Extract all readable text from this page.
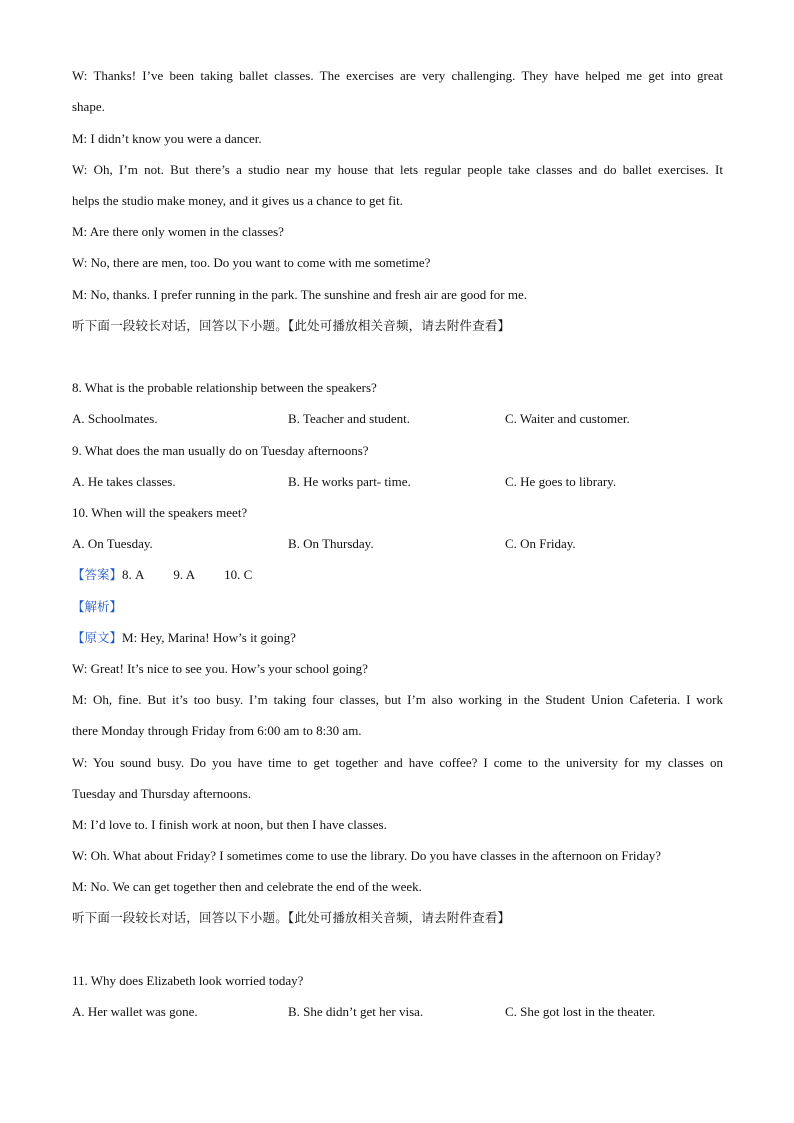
W: Thanks! I’ve been taking ballet classes. The exercises are very challenging. They have helped me get into great
shape.
M: I didn’t know you were a dancer.
W: Oh, I’m not. But there’s a studio near my house that lets regular people take classes and do ballet exercises. It
helps the studio make money, and it gives us a chance to get fit.
M: Are there only women in the classes?
W: No, there are men, too. Do you want to come with me sometime?
M: No, thanks. I prefer running in the park. The sunshine and fresh air are good for me.
听下面一段较长对话，回答以下小题。【此处可播放相关音频，请去附件查看】
8. What is the probable relationship between the speakers?
A. Schoolmates.	B. Teacher and student.	C. Waiter and customer.
9. What does the man usually do on Tuesday afternoons?
A. He takes classes.	B. He works part- time.	C. He goes to library.
10. When will the speakers meet?
A. On Tuesday.	B. On Thursday.	C. On Friday.
【答案】8. A 9. A 10. C
【解析】
【原文】M: Hey, Marina! How’s it going?
W: Great! It’s nice to see you. How’s your school going?
M: Oh, fine. But it’s too busy. I’m taking four classes, but I’m also working in the Student Union Cafeteria. I work
there Monday through Friday from 6:00 am to 8:30 am.
W: You sound busy. Do you have time to get together and have coffee? I come to the university for my classes on
Tuesday and Thursday afternoons.
M: I’d love to. I finish work at noon, but then I have classes.
W: Oh. What about Friday? I sometimes come to use the library. Do you have classes in the afternoon on Friday?
M: No. We can get together then and celebrate the end of the week.
听下面一段较长对话，回答以下小题。【此处可播放相关音频，请去附件查看】
11. Why does Elizabeth look worried today?
A. Her wallet was gone.	B. She didn’t get her visa.	C. She got lost in the theater.
